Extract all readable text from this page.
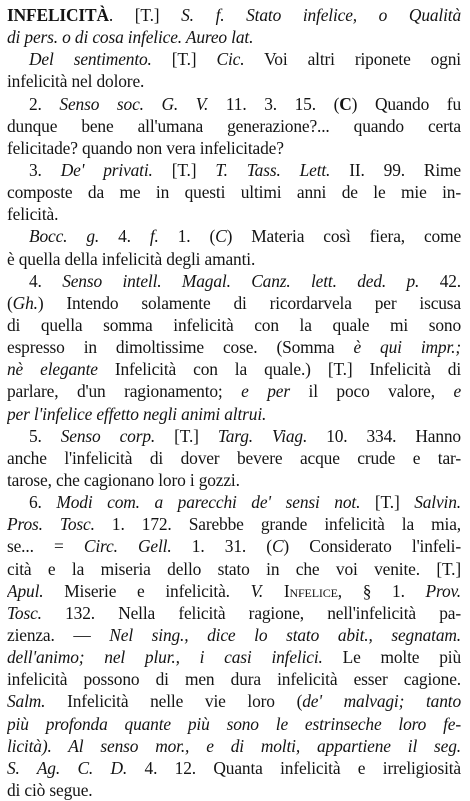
INFELICITÀ. [T.] S. f. Stato infelice, o Qualità
di pers. o di cosa infelice. Aureo lat.
Del sentimento. [T.] Cic. Voi altri riponete ogni
infelicità nel dolore.
2. Senso soc. G. V. 11. 3. 15. (C) Quando fu
dunque bene all'umana generazione?... quando certa
felicitade? quando non vera infelicitade?
3. De' privati. [T.] T. Tass. Lett. II. 99. Rime
composte da me in questi ultimi anni de le mie in-
felicità.
Bocc. g. 4. f. 1. (C) Materia così fiera, come
è quella della infelicità degli amanti.
4. Senso intell. Magal. Canz. lett. ded. p. 42.
(Gh.) Intendo solamente di ricordarvela per iscusa
di quella somma infelicità con la quale mi sono
espresso in dimoltissime cose. (Somma è qui impr.;
nè elegante Infelicità con la quale.) [T.] Infelicità di
parlare, d'un ragionamento; e per il poco valore, e
per l'infelice effetto negli animi altrui.
5. Senso corp. [T.] Targ. Viag. 10. 334. Hanno
anche l'infelicità di dover bevere acque crude e tar-
tarose, che cagionano loro i gozzi.
6. Modi com. a parecchi de' sensi not. [T.] Salvin.
Pros. Tosc. 1. 172. Sarebbe grande infelicità la mia,
se... = Circ. Gell. 1. 31. (C) Considerato l'infeli-
cità e la miseria dello stato in che voi venite. [T.]
Apul. Miserie e infelicità. V. Infelice, § 1. Prov.
Tosc. 132. Nella felicità ragione, nell'infelicità pa-
zienza. — Nel sing., dice lo stato abit., segnatam.
dell'animo; nel plur., i casi infelici. Le molte più
infelicità possono di men dura infelicità esser cagione.
Salm. Infelicità nelle vie loro (de' malvagi; tanto
più profonda quante più sono le estrinseche loro fe-
licità). Al senso mor., e di molti, appartiene il seg.
S. Ag. C. D. 4. 12. Quanta infelicità e irreligiosità
di ciò segue.
